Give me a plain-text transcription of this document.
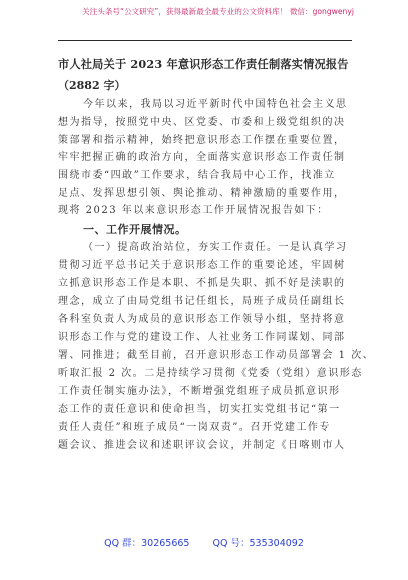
关注头条号“公文研究”，获得最新最全最专业的公文资料库！ 微信：gongwenyj
市人社局关于 2023 年意识形态工作责任制落实情况报告
（2882 字）
今年以来，我局以习近平新时代中国特色社会主义思
想为指导，按照党中央、区党委、市委和上级党组织的决
策部署和指示精神，始终把意识形态工作摆在重要位置，
牢牢把握正确的政治方向，全面落实意识形态工作责任制
围绕市委“四敢”工作要求，结合我局中心工作，找准立
足点、发挥思想引领、舆论推动、精神激励的重要作用，
现将 2023 年以来意识形态工作开展情况报告如下：
一、工作开展情况。
（一）提高政治站位，夯实工作责任。一是认真学习
贯彻习近平总书记关于意识形态工作的重要论述，牢固树
立抓意识形态工作是本职、不抓是失职、抓不好是渎职的
理念，成立了由局党组书记任组长，局班子成员任副组长
各科室负责人为成员的意识形态工作领导小组，坚持将意
识形态工作与党的建设工作、人社业务工作同谋划、同部
署、同推进；截至目前，召开意识形态工作动员部署会 1 次、
听取汇报 2 次。二是持续学习贯彻《党委（党组）意识形态
工作责任制实施办法》，不断增强党组班子成员抓意识形
态工作的责任意识和使命担当，切实扛实党组书记“第一
责任人责任”和班子成员“一岗双责”。召开党建工作专
题会议、推进会议和述职评议会议，并制定《日喀则市人
QQ 群：30265665 QQ 号：535304092
